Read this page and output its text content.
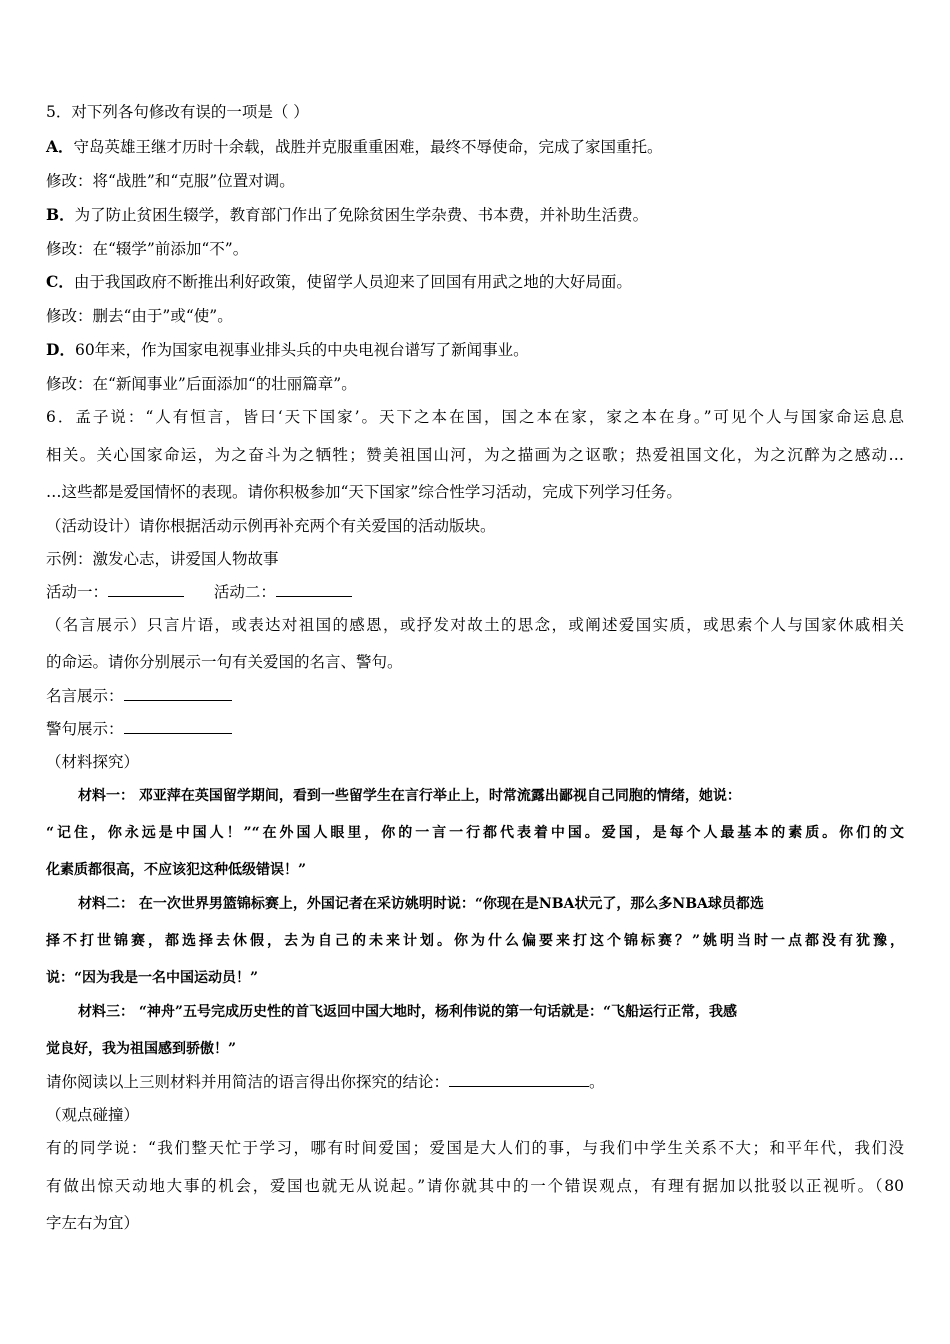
5．对下列各句修改有误的一项是（ ）
A．守岛英雄王继才历时十余载，战胜并克服重重困难，最终不辱使命，完成了家国重托。
修改：将“战胜”和“克服”位置对调。
B．为了防止贫困生辍学，教育部门作出了免除贫困生学杂费、书本费，并补助生活费。
修改：在“辍学”前添加“不”。
C．由于我国政府不断推出利好政策，使留学人员迎来了回国有用武之地的大好局面。
修改：删去“由于”或“使”。
D．60年来，作为国家电视事业排头兵的中央电视台谱写了新闻事业。
修改：在“新闻事业”后面添加“的壮丽篇章”。
6．孟子说：“人有恒言，皆曰‘天下国家’。天下之本在国，国之本在家，家之本在身。”可见个人与国家命运息息
相关。关心国家命运，为之奋斗为之牺牲；赞美祖国山河，为之描画为之讴歌；热爱祖国文化，为之沉醉为之感动…
…这些都是爱国情怀的表现。请你积极参加“天下国家”综合性学习活动，完成下列学习任务。
（活动设计）请你根据活动示例再补充两个有关爱国的活动版块。
示例：激发心志，讲爱国人物故事
活动一：	活动二：
（名言展示）只言片语，或表达对祖国的感恩，或抒发对故土的思念，或阐述爱国实质，或思索个人与国家休戚相关
的命运。请你分别展示一句有关爱国的名言、警句。
名言展示：
警句展示：
（材料探究）
材料一： 邓亚萍在英国留学期间，看到一些留学生在言行举止上，时常流露出鄙视自己同胞的情绪，她说：
“记住，你永远是中国人！”“在外国人眼里，你的一言一行都代表着中国。爱国，是每个人最基本的素质。你们的文
化素质都很高，不应该犯这种低级错误！”
材料二： 在一次世界男篮锦标赛上，外国记者在采访姚明时说：“你现在是NBA状元了，那么多NBA球员都选
择不打世锦赛，都选择去休假，去为自己的未来计划。你为什么偏要来打这个锦标赛？”姚明当时一点都没有犹豫，
说：“因为我是一名中国运动员！”
材料三： “神舟”五号完成历史性的首飞返回中国大地时，杨利伟说的第一句话就是：“飞船运行正常，我感
觉良好，我为祖国感到骄傲！”
请你阅读以上三则材料并用简洁的语言得出你探究的结论：	。
（观点碰撞）
有的同学说：“我们整天忙于学习，哪有时间爱国；爱国是大人们的事，与我们中学生关系不大；和平年代，我们没
有做出惊天动地大事的机会，爱国也就无从说起。”请你就其中的一个错误观点，有理有据加以批驳以正视听。（80
字左右为宜）
